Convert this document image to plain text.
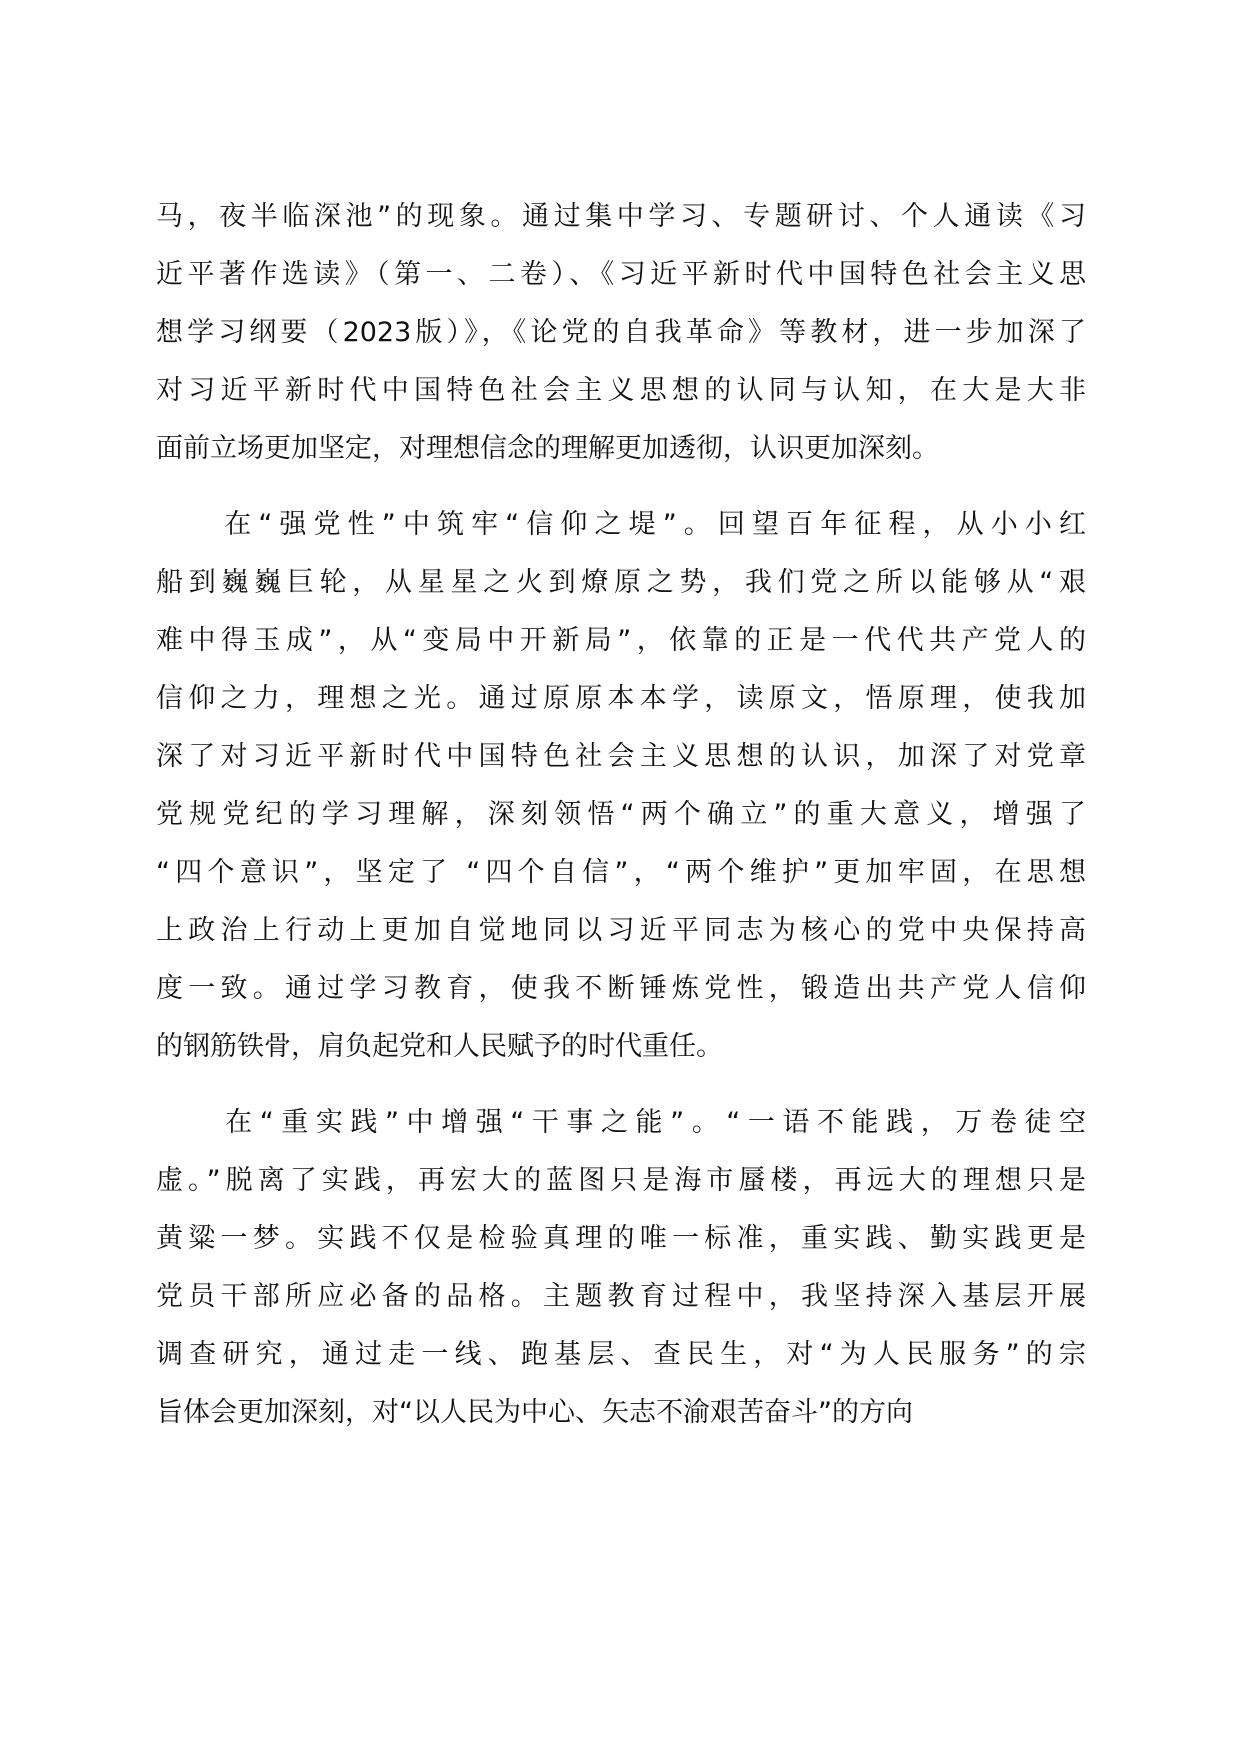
马，夜半临深池”的现象。通过集中学习、专题研讨、个人通读《习
近平著作选读》（第一、二卷）、《习近平新时代中国特色社会主义思
想学习纲要（2023版）》，《论党的自我革命》等教材，进一步加深了
对习近平新时代中国特色社会主义思想的认同与认知，在大是大非
面前立场更加坚定，对理想信念的理解更加透彻，认识更加深刻。
　　在“强党性”中筑牢“信仰之堤”。回望百年征程，从小小红
船到巍巍巨轮，从星星之火到燎原之势，我们党之所以能够从“艰
难中得玉成”，从“变局中开新局”，依靠的正是一代代共产党人的
信仰之力，理想之光。通过原原本本学，读原文，悟原理，使我加
深了对习近平新时代中国特色社会主义思想的认识，加深了对党章
党规党纪的学习理解，深刻领悟“两个确立”的重大意义，增强了
“四个意识”，坚定了 “四个自信”，“两个维护”更加牢固，在思想
上政治上行动上更加自觉地同以习近平同志为核心的党中央保持高
度一致。通过学习教育，使我不断锤炼党性，锻造出共产党人信仰
的钢筋铁骨，肩负起党和人民赋予的时代重任。
　　在“重实践”中增强“干事之能”。“一语不能践，万卷徒空
虚。”脱离了实践，再宏大的蓝图只是海市蜃楼，再远大的理想只是
黄粱一梦。实践不仅是检验真理的唯一标准，重实践、勤实践更是
党员干部所应必备的品格。主题教育过程中，我坚持深入基层开展
调查研究，通过走一线、跑基层、查民生，对“为人民服务”的宗
旨体会更加深刻，对“以人民为中心、矢志不渝艰苦奋斗”的方向
